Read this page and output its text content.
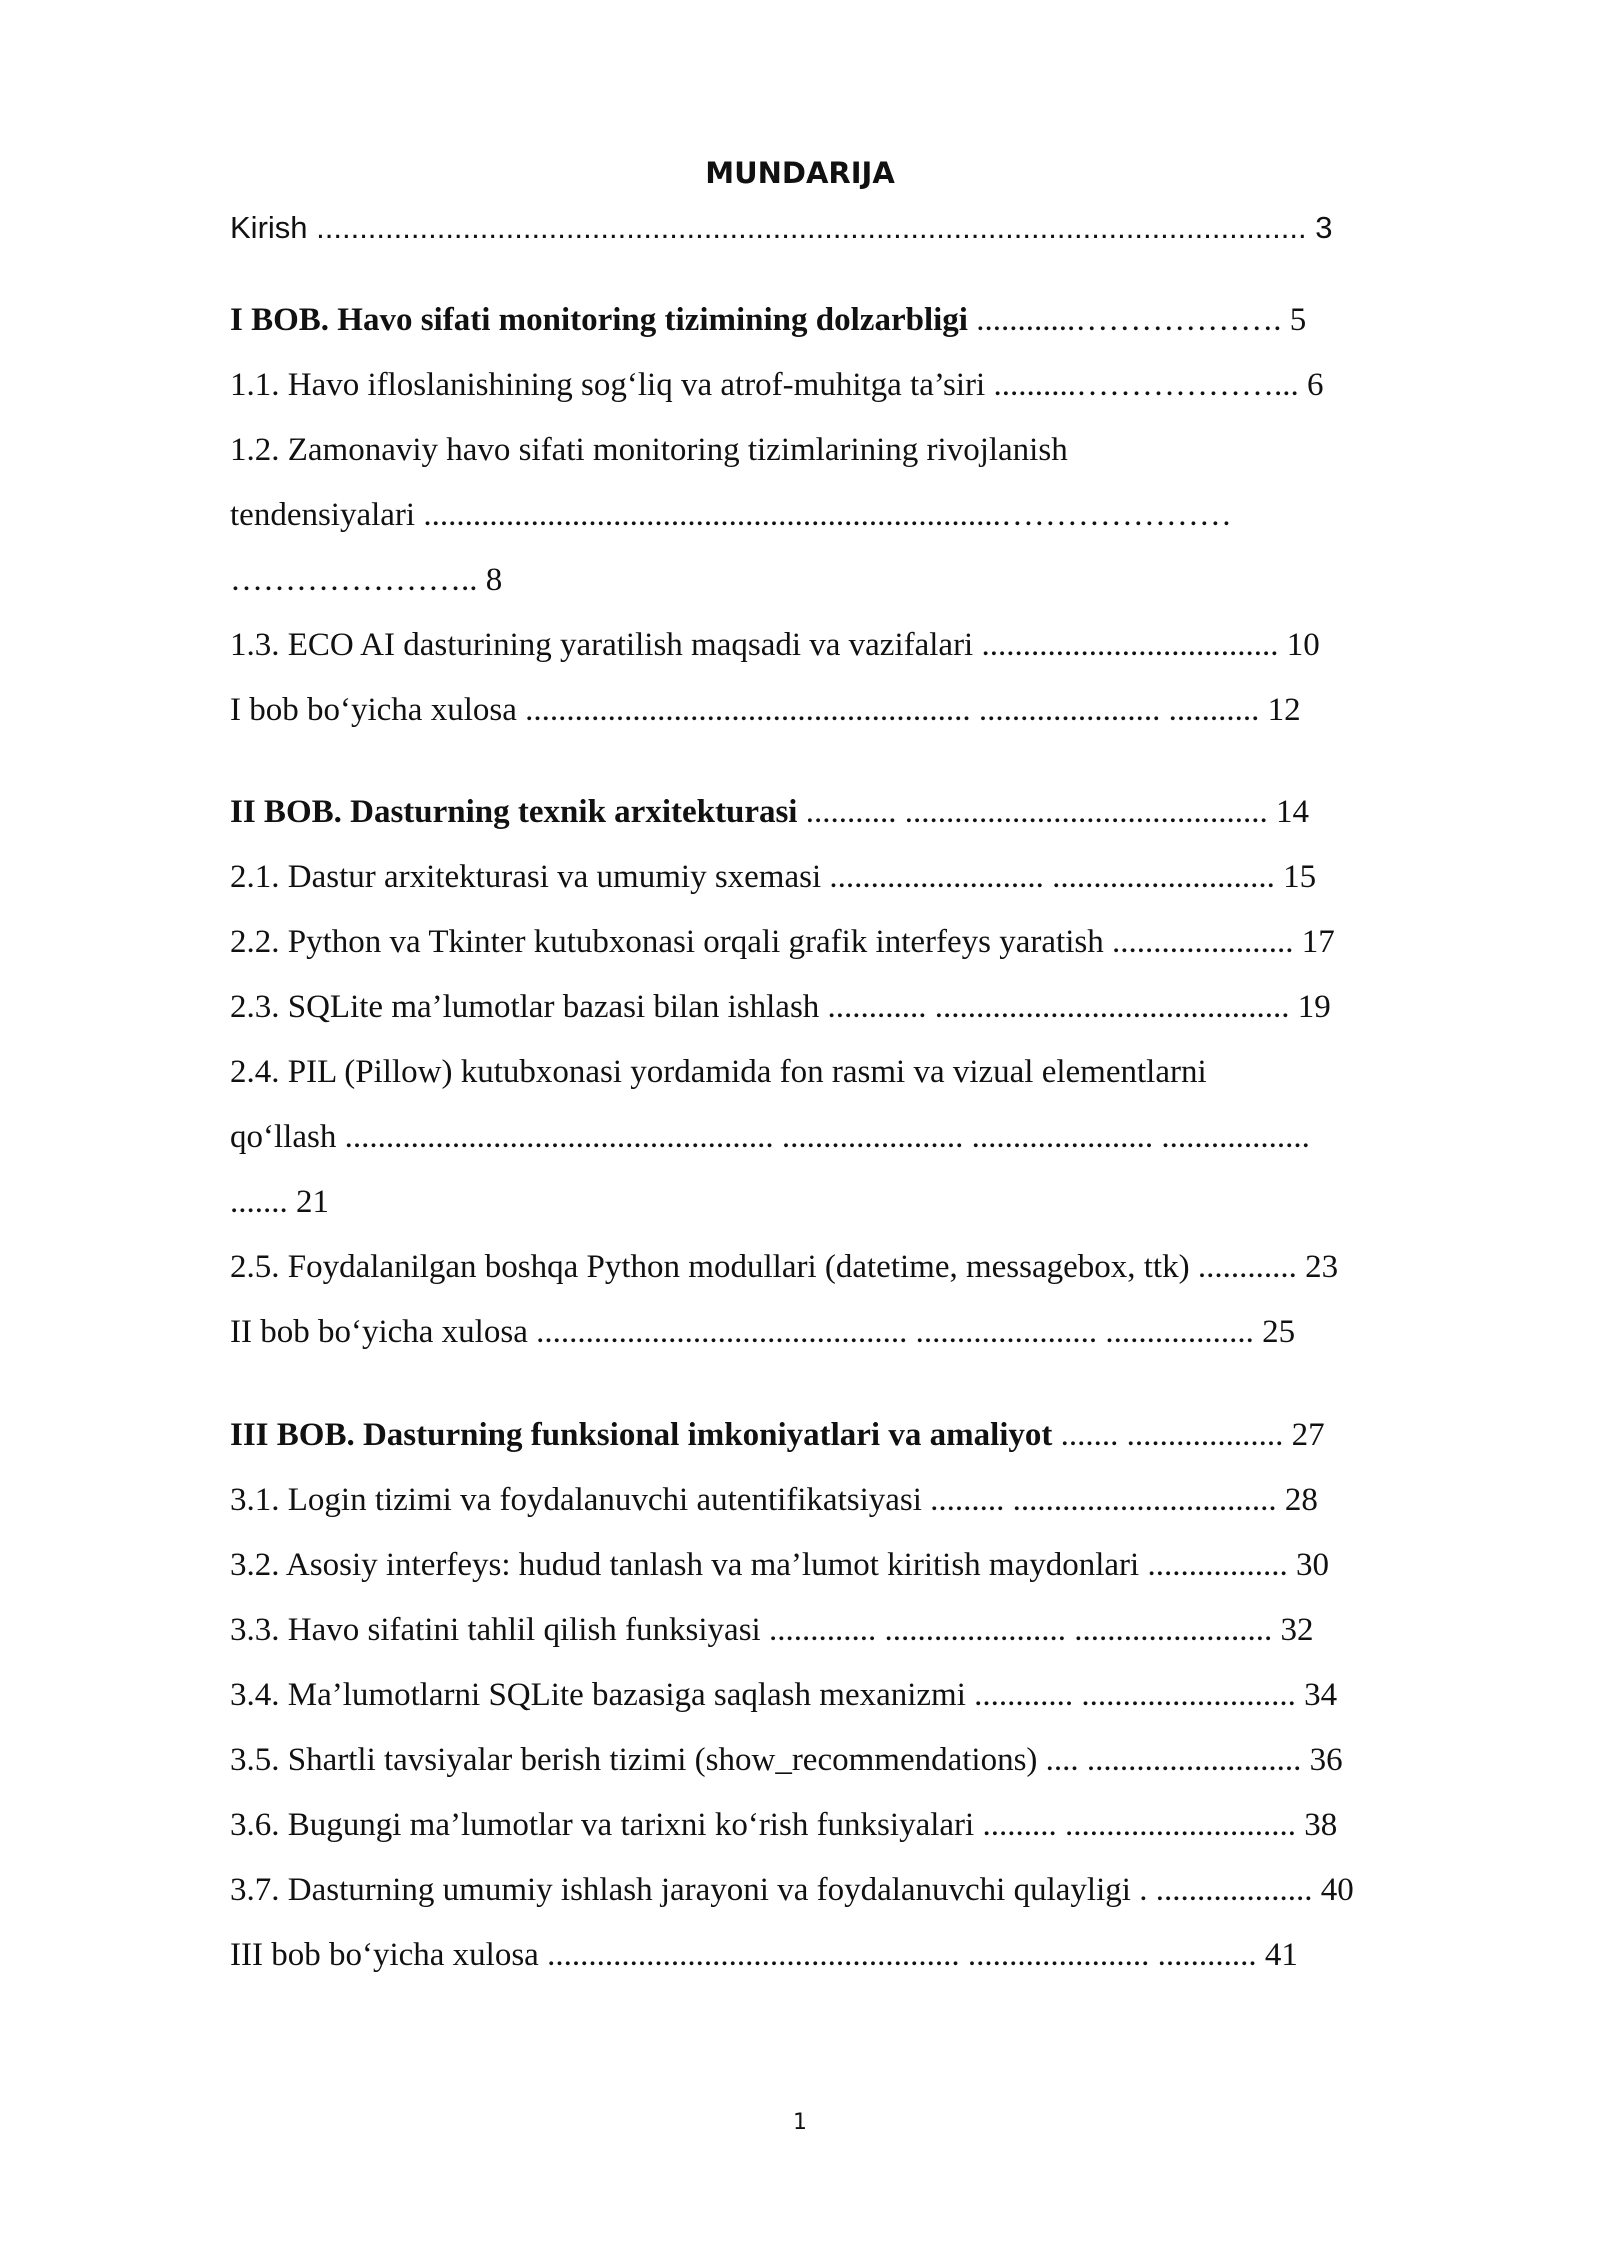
MUNDARIJA
Kirish ................................................................................................................... 3
I BOB. Havo sifati monitoring tizimining dolzarbligi ............………………. 5
1.1. Havo ifloslanishining sog‘liq va atrof-muhitga ta’siri ..........………………... 6
1.2. Zamonaviy havo sifati monitoring tizimlarining rivojlanish
tendensiyalari ......................................................................…………………
………………….. 8
1.3. ECO AI dasturining yaratilish maqsadi va vazifalari .................................... 10
I bob bo‘yicha xulosa ...................................................... ...................... ........... 12
II BOB. Dasturning texnik arxitekturasi ........... ............................................ 14
2.1. Dastur arxitekturasi va umumiy sxemasi .......................... ........................... 15
2.2. Python va Tkinter kutubxonasi orqali grafik interfeys yaratish ...................... 17
2.3. SQLite ma’lumotlar bazasi bilan ishlash ............ ........................................... 19
2.4. PIL (Pillow) kutubxonasi yordamida fon rasmi va vizual elementlarni
qo‘llash .................................................... ...................... ...................... ..................
....... 21
2.5. Foydalanilgan boshqa Python modullari (datetime, messagebox, ttk) ............ 23
II bob bo‘yicha xulosa ............................................. ...................... .................. 25
III BOB. Dasturning funksional imkoniyatlari va amaliyot ....... ................... 27
3.1. Login tizimi va foydalanuvchi autentifikatsiyasi ......... ................................ 28
3.2. Asosiy interfeys: hudud tanlash va ma’lumot kiritish maydonlari ................. 30
3.3. Havo sifatini tahlil qilish funksiyasi ............. ...................... ........................ 32
3.4. Ma’lumotlarni SQLite bazasiga saqlash mexanizmi ............ .......................... 34
3.5. Shartli tavsiyalar berish tizimi (show_recommendations) .... .......................... 36
3.6. Bugungi ma’lumotlar va tarixni ko‘rish funksiyalari ......... ............................ 38
3.7. Dasturning umumiy ishlash jarayoni va foydalanuvchi qulayligi . ................... 40
III bob bo‘yicha xulosa .................................................. ...................... ............ 41
1
